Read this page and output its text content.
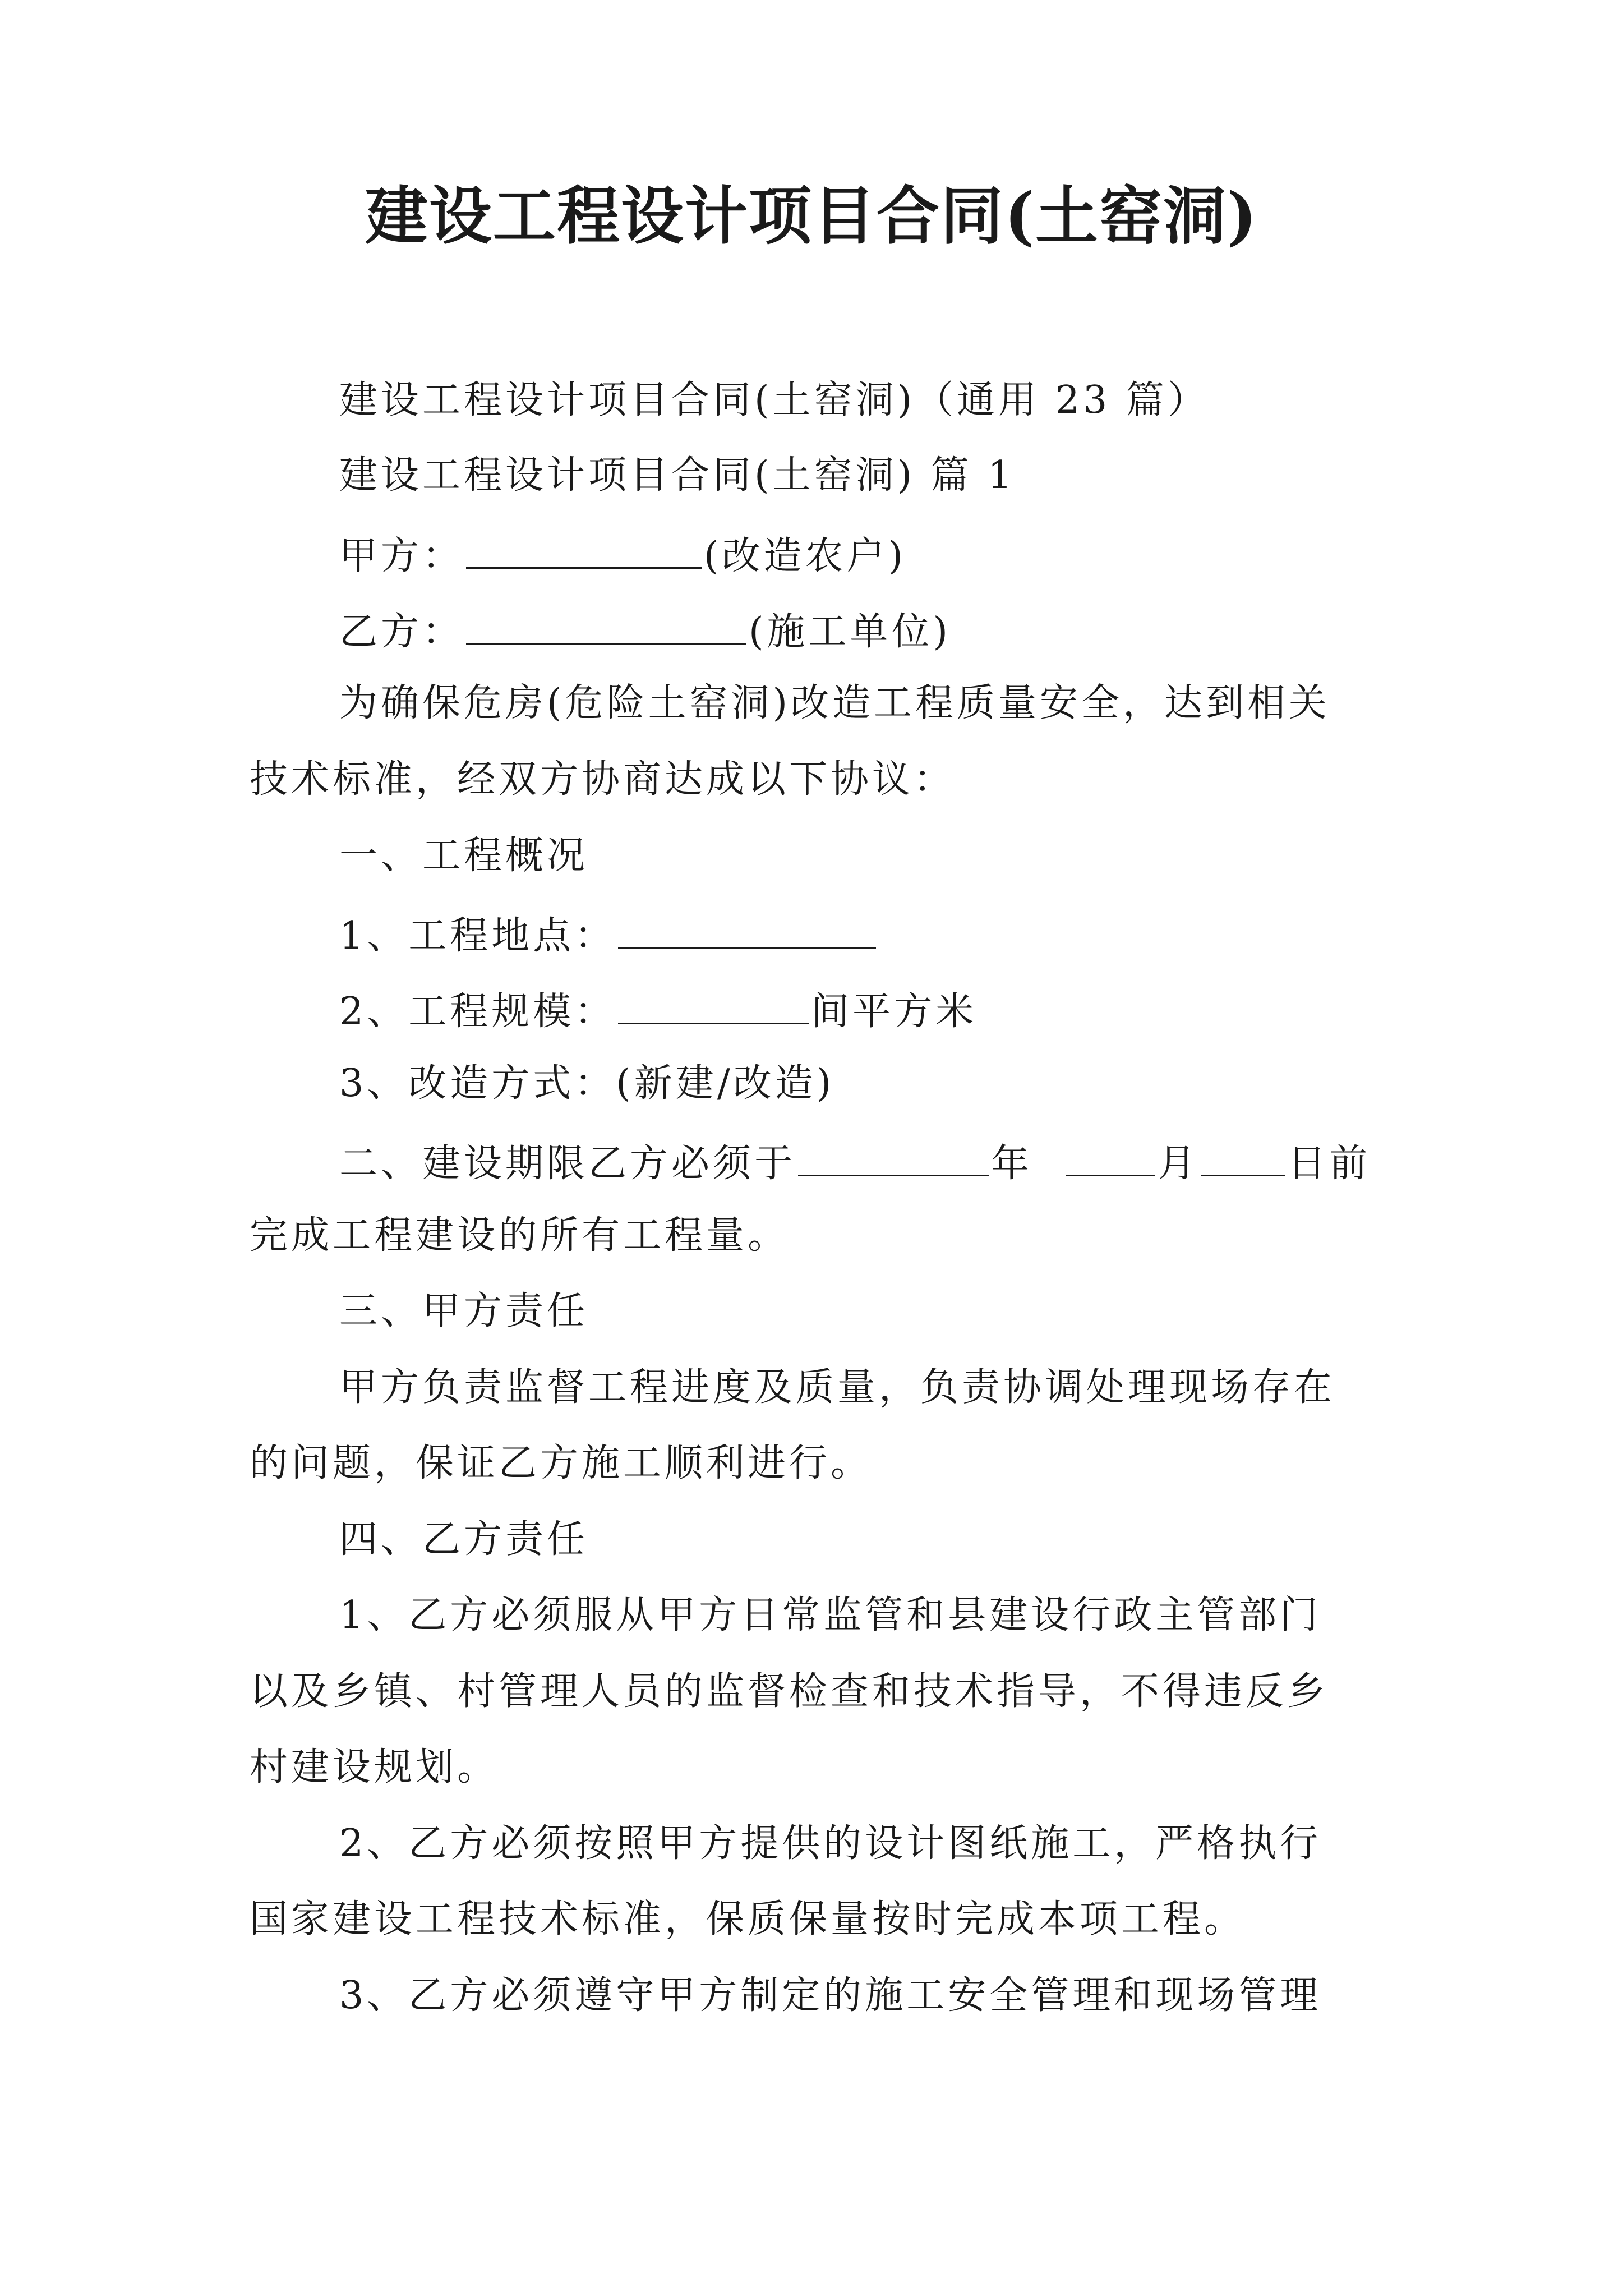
建设工程设计项目合同(土窑洞)
建设工程设计项目合同(土窑洞)（通用 23 篇）
建设工程设计项目合同(土窑洞) 篇 1
甲方：	(改造农户)
乙方：	(施工单位)
为确保危房(危险土窑洞)改造工程质量安全，达到相关
技术标准，经双方协商达成以下协议：
一、工程概况
1、工程地点：
2、工程规模：	间平方米
3、改造方式：(新建/改造)
二、建设期限乙方必须于	年	月 日前
完成工程建设的所有工程量。
三、甲方责任
甲方负责监督工程进度及质量，负责协调处理现场存在
的问题，保证乙方施工顺利进行。
四、乙方责任
1、乙方必须服从甲方日常监管和县建设行政主管部门
以及乡镇、村管理人员的监督检查和技术指导，不得违反乡
村建设规划。
2、乙方必须按照甲方提供的设计图纸施工，严格执行
国家建设工程技术标准，保质保量按时完成本项工程。
3、乙方必须遵守甲方制定的施工安全管理和现场管理
